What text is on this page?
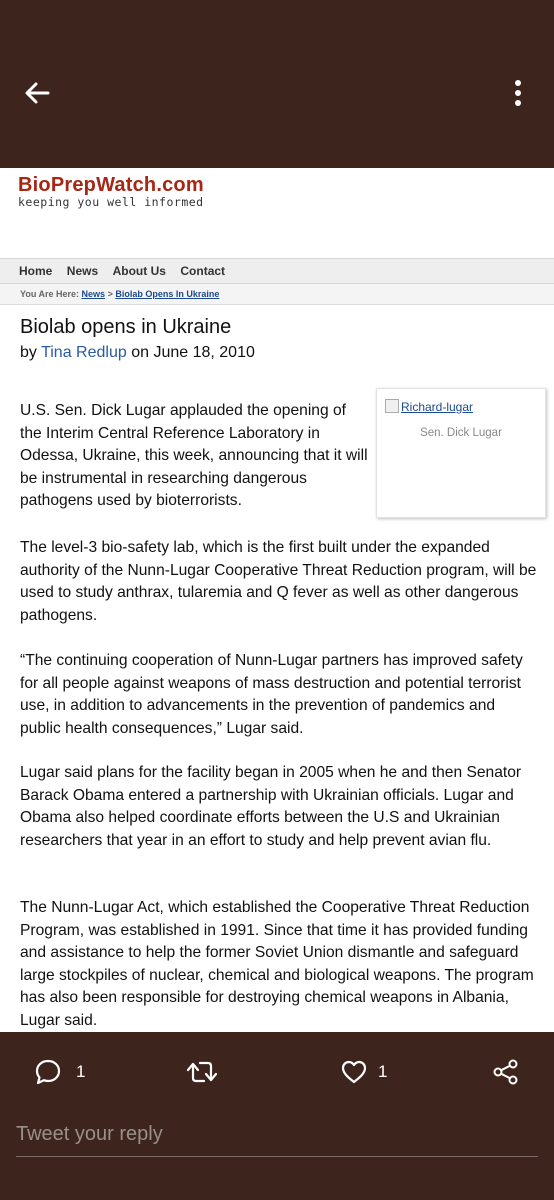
BioPrepWatch.com
keeping you well informed
Home News About Us Contact
You Are Here: News > Biolab Opens In Ukraine
Biolab opens in Ukraine
by Tina Redlup on June 18, 2010
Richard-lugar
Sen. Dick Lugar
U.S. Sen. Dick Lugar applauded the opening of the Interim Central Reference Laboratory in Odessa, Ukraine, this week, announcing that it will be instrumental in researching dangerous pathogens used by bioterrorists.
The level-3 bio-safety lab, which is the first built under the expanded authority of the Nunn-Lugar Cooperative Threat Reduction program, will be used to study anthrax, tularemia and Q fever as well as other dangerous pathogens.
“The continuing cooperation of Nunn-Lugar partners has improved safety for all people against weapons of mass destruction and potential terrorist use, in addition to advancements in the prevention of pandemics and public health consequences,” Lugar said.
Lugar said plans for the facility began in 2005 when he and then Senator Barack Obama entered a partnership with Ukrainian officials. Lugar and Obama also helped coordinate efforts between the U.S and Ukrainian researchers that year in an effort to study and help prevent avian flu.
The Nunn-Lugar Act, which established the Cooperative Threat Reduction Program, was established in 1991. Since that time it has provided funding and assistance to help the former Soviet Union dismantle and safeguard large stockpiles of nuclear, chemical and biological weapons. The program has also been responsible for destroying chemical weapons in Albania, Lugar said.
1	1
Tweet your reply
